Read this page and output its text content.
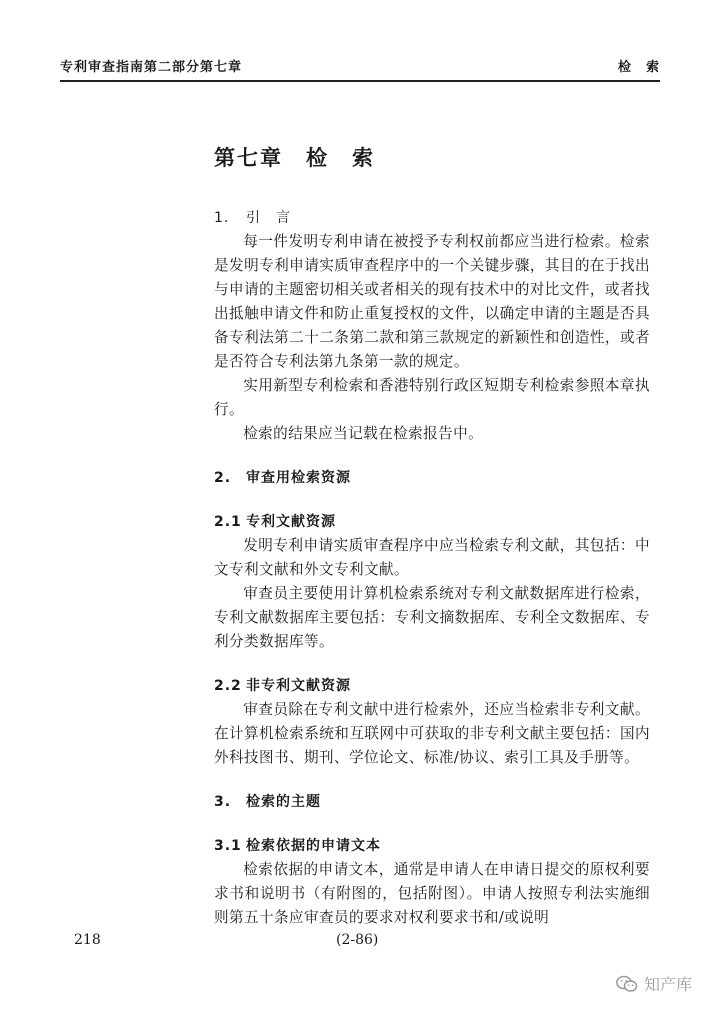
专利审查指南第二部分第七章	检　索
第七章　检　索
1. 引　言

每一件发明专利申请在被授予专利权前都应当进行检索。检索是发明专利申请实质审查程序中的一个关键步骤，其目的在于找出与申请的主题密切相关或者相关的现有技术中的对比文件，或者找出抵触申请文件和防止重复授权的文件，以确定申请的主题是否具备专利法第二十二条第二款和第三款规定的新颖性和创造性，或者是否符合专利法第九条第一款的规定。

实用新型专利检索和香港特别行政区短期专利检索参照本章执行。

检索的结果应当记载在检索报告中。

2. 审查用检索资源
2.1 专利文献资源

发明专利申请实质审查程序中应当检索专利文献，其包括：中文专利文献和外文专利文献。

审查员主要使用计算机检索系统对专利文献数据库进行检索，专利文献数据库主要包括：专利文摘数据库、专利全文数据库、专利分类数据库等。

2.2 非专利文献资源

审查员除在专利文献中进行检索外，还应当检索非专利文献。在计算机检索系统和互联网中可获取的非专利文献主要包括：国内外科技图书、期刊、学位论文、标准/协议、索引工具及手册等。

3. 检索的主题
3.1 检索依据的申请文本

检索依据的申请文本，通常是申请人在申请日提交的原权利要求书和说明书（有附图的，包括附图）。申请人按照专利法实施细则第五十条应审查员的要求对权利要求书和/或说明

218	(2-86)
知产库
